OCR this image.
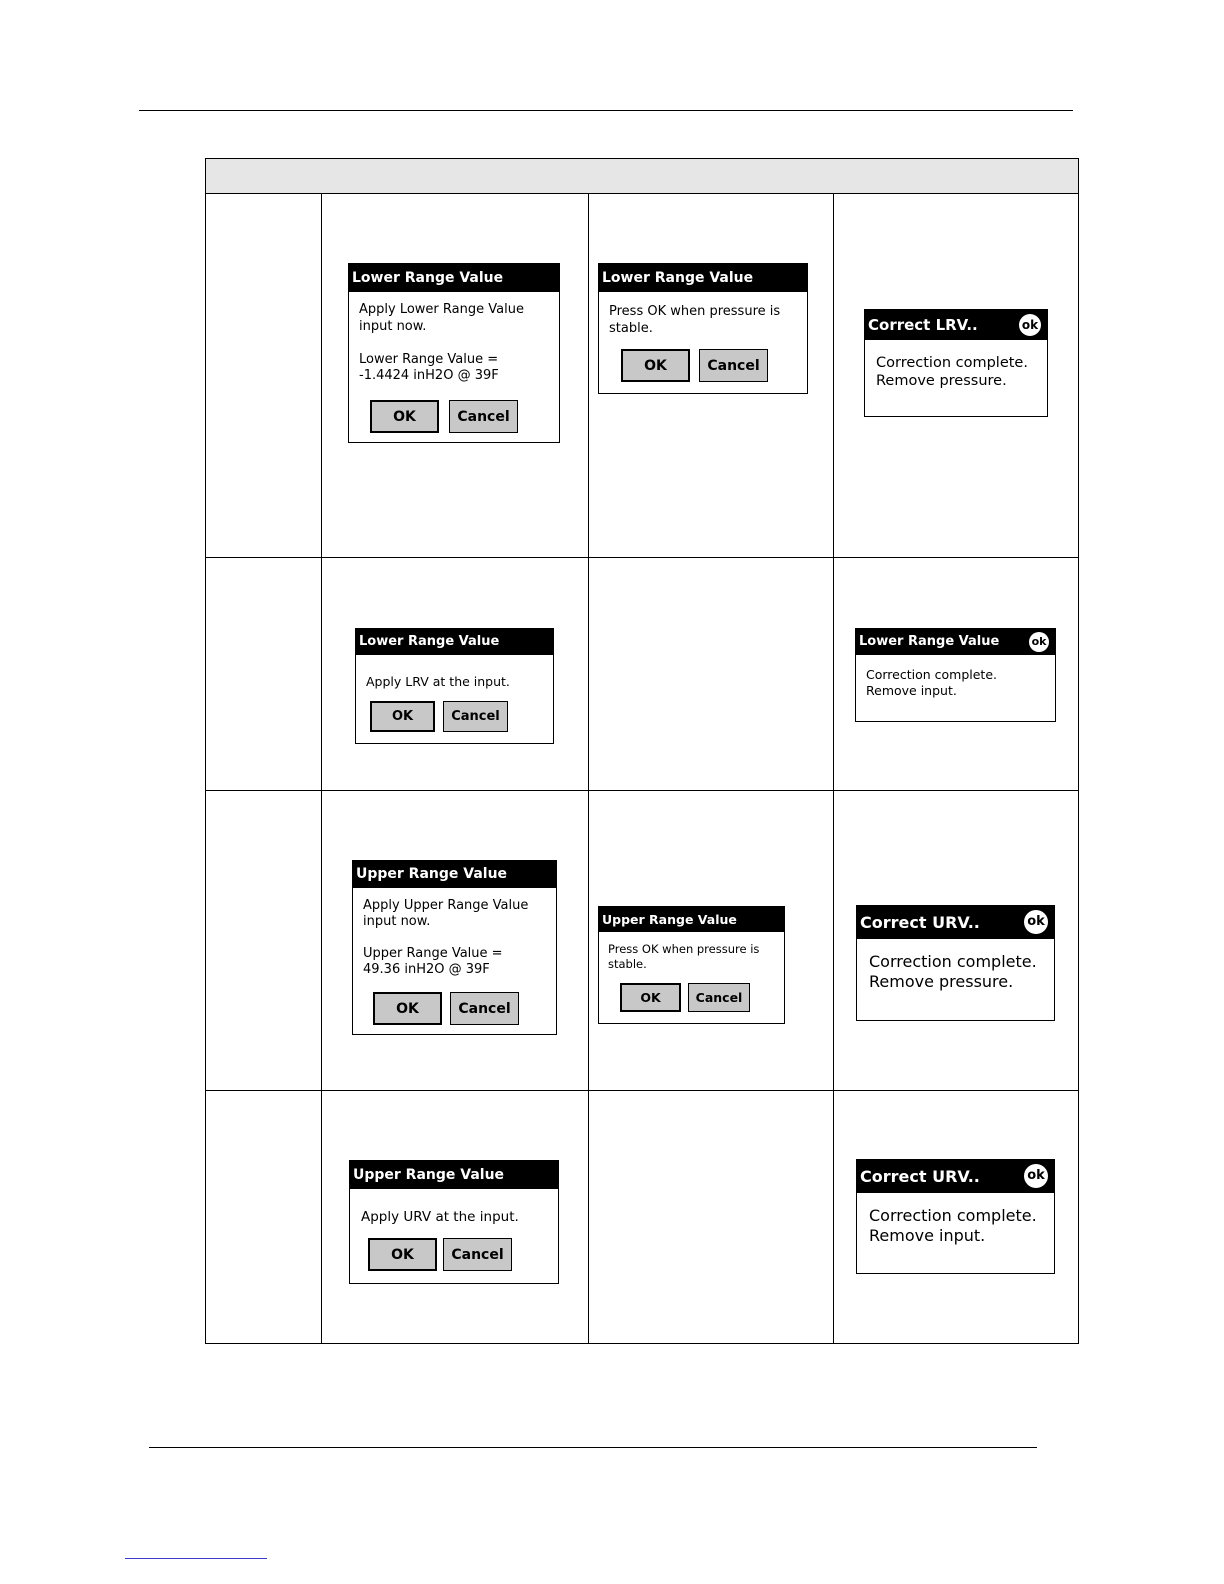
Lower Range Value
Apply Lower Range Value
input now.

Lower Range Value =
-1.4424 inH2O @ 39F
OK	Cancel
Lower Range Value
Press OK when pressure is
stable.
OK	Cancel
Correct LRV..	ok
Correction complete.
Remove pressure.
Lower Range Value
Apply LRV at the input.
OK	Cancel
Lower Range Value	ok
Correction complete.
Remove input.
Upper Range Value
Apply Upper Range Value
input now.

Upper Range Value =
49.36 inH2O @ 39F
OK	Cancel
Upper Range Value
Press OK when pressure is
stable.
OK	Cancel
Correct URV..	ok
Correction complete.
Remove pressure.
Upper Range Value
Apply URV at the input.
OK	Cancel
Correct URV..	ok
Correction complete.
Remove input.
